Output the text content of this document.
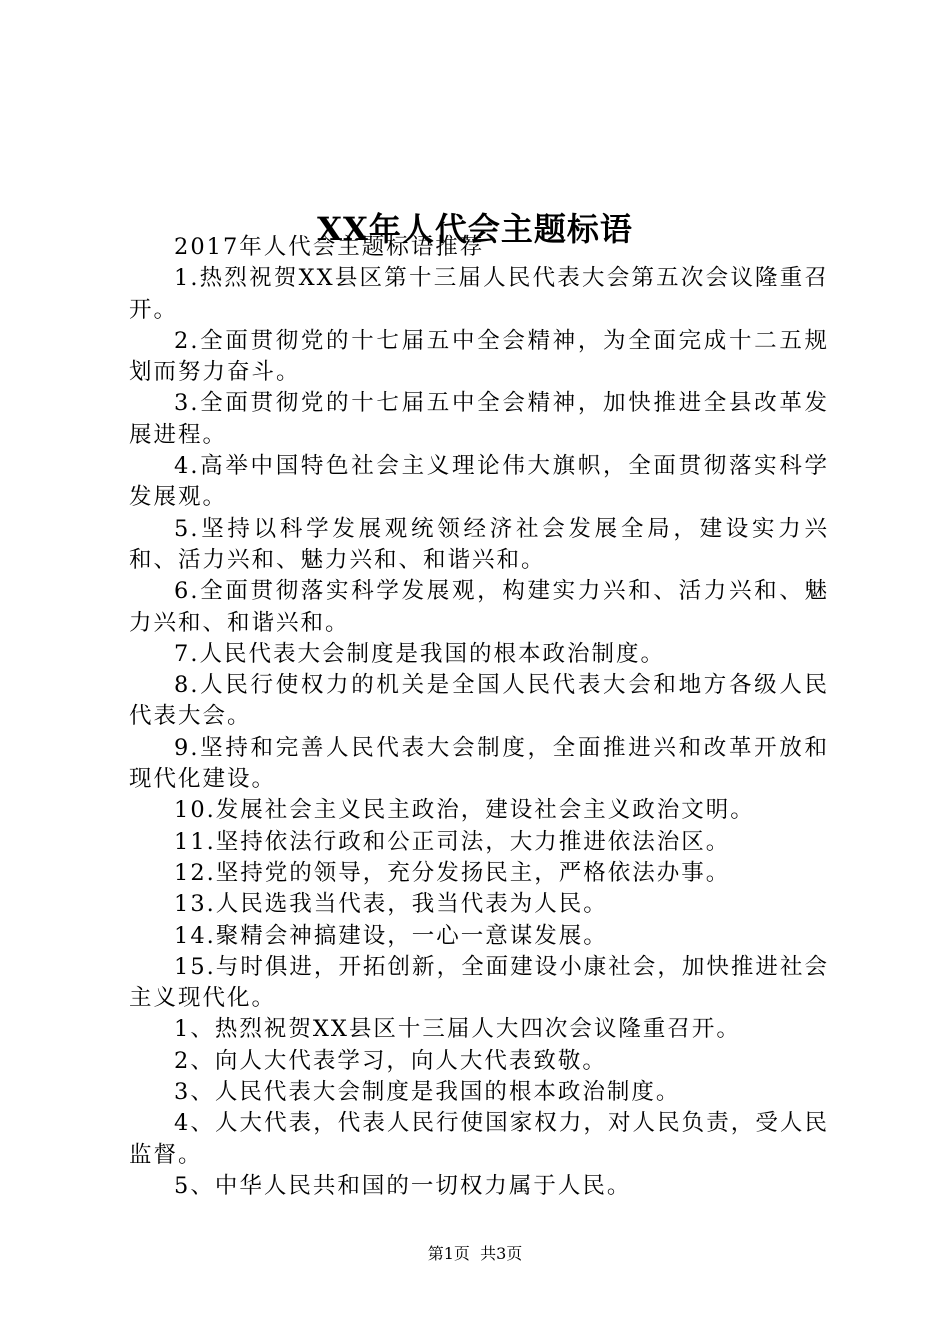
XX年人代会主题标语

2017年人代会主题标语推荐

1.热烈祝贺XX县区第十三届人民代表大会第五次会议隆重召开。

2.全面贯彻党的十七届五中全会精神，为全面完成十二五规划而努力奋斗。

3.全面贯彻党的十七届五中全会精神，加快推进全县改革发展进程。

4.高举中国特色社会主义理论伟大旗帜，全面贯彻落实科学发展观。

5.坚持以科学发展观统领经济社会发展全局，建设实力兴和、活力兴和、魅力兴和、和谐兴和。

6.全面贯彻落实科学发展观，构建实力兴和、活力兴和、魅力兴和、和谐兴和。

7.人民代表大会制度是我国的根本政治制度。

8.人民行使权力的机关是全国人民代表大会和地方各级人民代表大会。

9.坚持和完善人民代表大会制度，全面推进兴和改革开放和现代化建设。

10.发展社会主义民主政治，建设社会主义政治文明。

11.坚持依法行政和公正司法，大力推进依法治区。

12.坚持党的领导，充分发扬民主，严格依法办事。

13.人民选我当代表，我当代表为人民。

14.聚精会神搞建设，一心一意谋发展。

15.与时俱进，开拓创新，全面建设小康社会，加快推进社会主义现代化。

1、热烈祝贺XX县区十三届人大四次会议隆重召开。

2、向人大代表学习，向人大代表致敬。

3、人民代表大会制度是我国的根本政治制度。

4、人大代表，代表人民行使国家权力，对人民负责，受人民监督。

5、中华人民共和国的一切权力属于人民。

第1页 共3页
